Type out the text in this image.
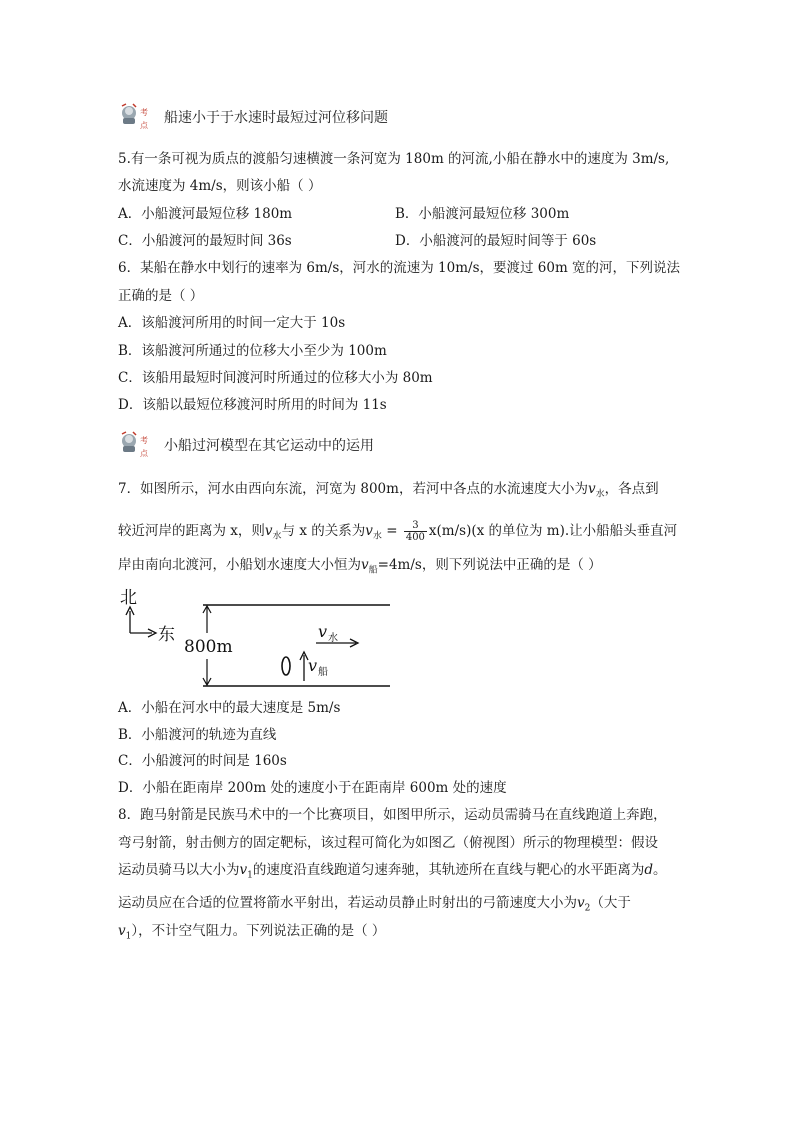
考
点 船速小于于水速时最短过河位移问题
5.有一条可视为质点的渡船匀速横渡一条河宽为 180m 的河流,小船在静水中的速度为 3m/s,
水流速度为 4m/s，则该小船（ ）
A．小船渡河最短位移 180m	B．小船渡河最短位移 300m
C．小船渡河的最短时间 36s	D．小船渡河的最短时间等于 60s
6．某船在静水中划行的速率为 6m/s，河水的流速为 10m/s，要渡过 60m 宽的河，下列说法
正确的是（ ）
A．该船渡河所用的时间一定大于 10s
B．该船渡河所通过的位移大小至少为 100m
C．该船用最短时间渡河时所通过的位移大小为 80m
D．该船以最短位移渡河时所用的时间为 11s
考
点 小船过河模型在其它运动中的运用
7．如图所示，河水由西向东流，河宽为 800m，若河中各点的水流速度大小为$v_水$，各点到
较近河岸的距离为 x，则$v_水$与 x 的关系为$v_水 = \frac{3}{400} x(m/s)(x$ 的单位为 m).让小船船头垂直河
岸由南向北渡河，小船划水速度大小恒为$v_船=4m/s$，则下列说法中正确的是（ ）
北
东
800m
v 水
v 船
A．小船在河水中的最大速度是 5m/s
B．小船渡河的轨迹为直线
C．小船渡河的时间是 160s
D．小船在距南岸 200m 处的速度小于在距南岸 600m 处的速度
8．跑马射箭是民族马术中的一个比赛项目，如图甲所示，运动员需骑马在直线跑道上奔跑，
弯弓射箭，射击侧方的固定靶标，该过程可简化为如图乙（俯视图）所示的物理模型：假设
运动员骑马以大小为$v_1$的速度沿直线跑道匀速奔驰，其轨迹所在直线与靶心的水平距离为d。
运动员应在合适的位置将箭水平射出，若运动员静止时射出的弓箭速度大小为$v_2$（大于
$v_1$），不计空气阻力。下列说法正确的是（ ）
